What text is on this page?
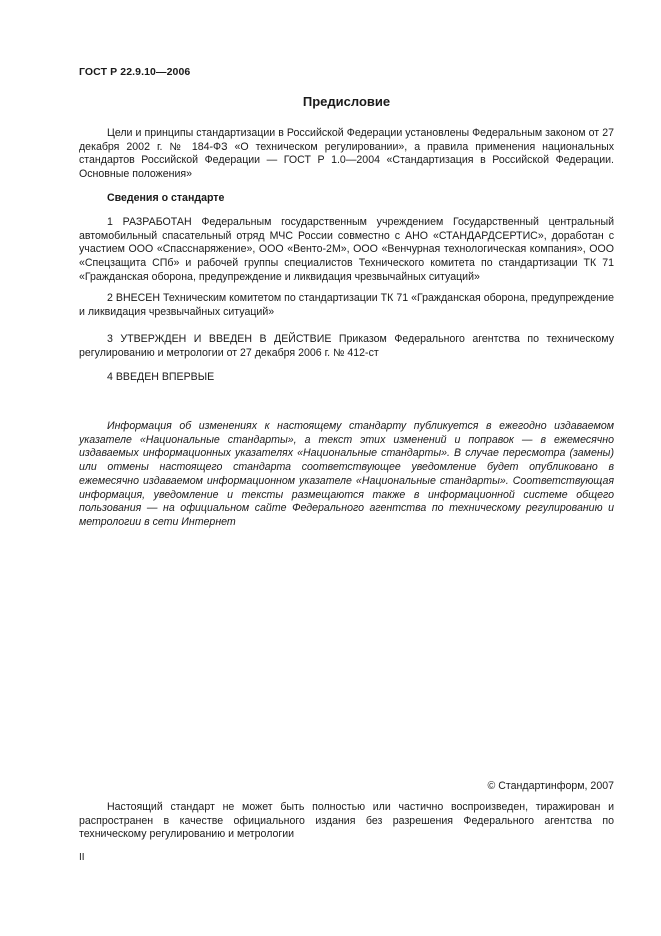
ГОСТ Р 22.9.10—2006
Предисловие

Цели и принципы стандартизации в Российской Федерации установлены Федеральным законом от 27 декабря 2002 г. № 184-ФЗ «О техническом регулировании», а правила применения национальных стандартов Российской Федерации — ГОСТ Р 1.0—2004 «Стандартизация в Российской Федерации. Основные положения»

Сведения о стандарте

1 РАЗРАБОТАН Федеральным государственным учреждением Государственный центральный автомобильный спасательный отряд МЧС России совместно с АНО «СТАНДАРДСЕРТИС», доработан с участием ООО «Спасснаряжение», ООО «Венто-2М», ООО «Венчурная технологическая компания», ООО «Спецзащита СПб» и рабочей группы специалистов Технического комитета по стандартизации ТК 71 «Гражданская оборона, предупреждение и ликвидация чрезвычайных ситуаций»

2 ВНЕСЕН Техническим комитетом по стандартизации ТК 71 «Гражданская оборона, предупреждение и ликвидация чрезвычайных ситуаций»

3 УТВЕРЖДЕН И ВВЕДЕН В ДЕЙСТВИЕ Приказом Федерального агентства по техническому регулированию и метрологии от 27 декабря 2006 г. № 412-ст

4 ВВЕДЕН ВПЕРВЫЕ

Информация об изменениях к настоящему стандарту публикуется в ежегодно издаваемом указателе «Национальные стандарты», а текст этих изменений и поправок — в ежемесячно издаваемых информационных указателях «Национальные стандарты». В случае пересмотра (замены) или отмены настоящего стандарта соответствующее уведомление будет опубликовано в ежемесячно издаваемом информационном указателе «Национальные стандарты». Соответствующая информация, уведомление и тексты размещаются также в информационной системе общего пользования — на официальном сайте Федерального агентства по техническому регулированию и метрологии в сети Интернет

© Стандартинформ, 2007

Настоящий стандарт не может быть полностью или частично воспроизведен, тиражирован и распространен в качестве официального издания без разрешения Федерального агентства по техническому регулированию и метрологии

II
